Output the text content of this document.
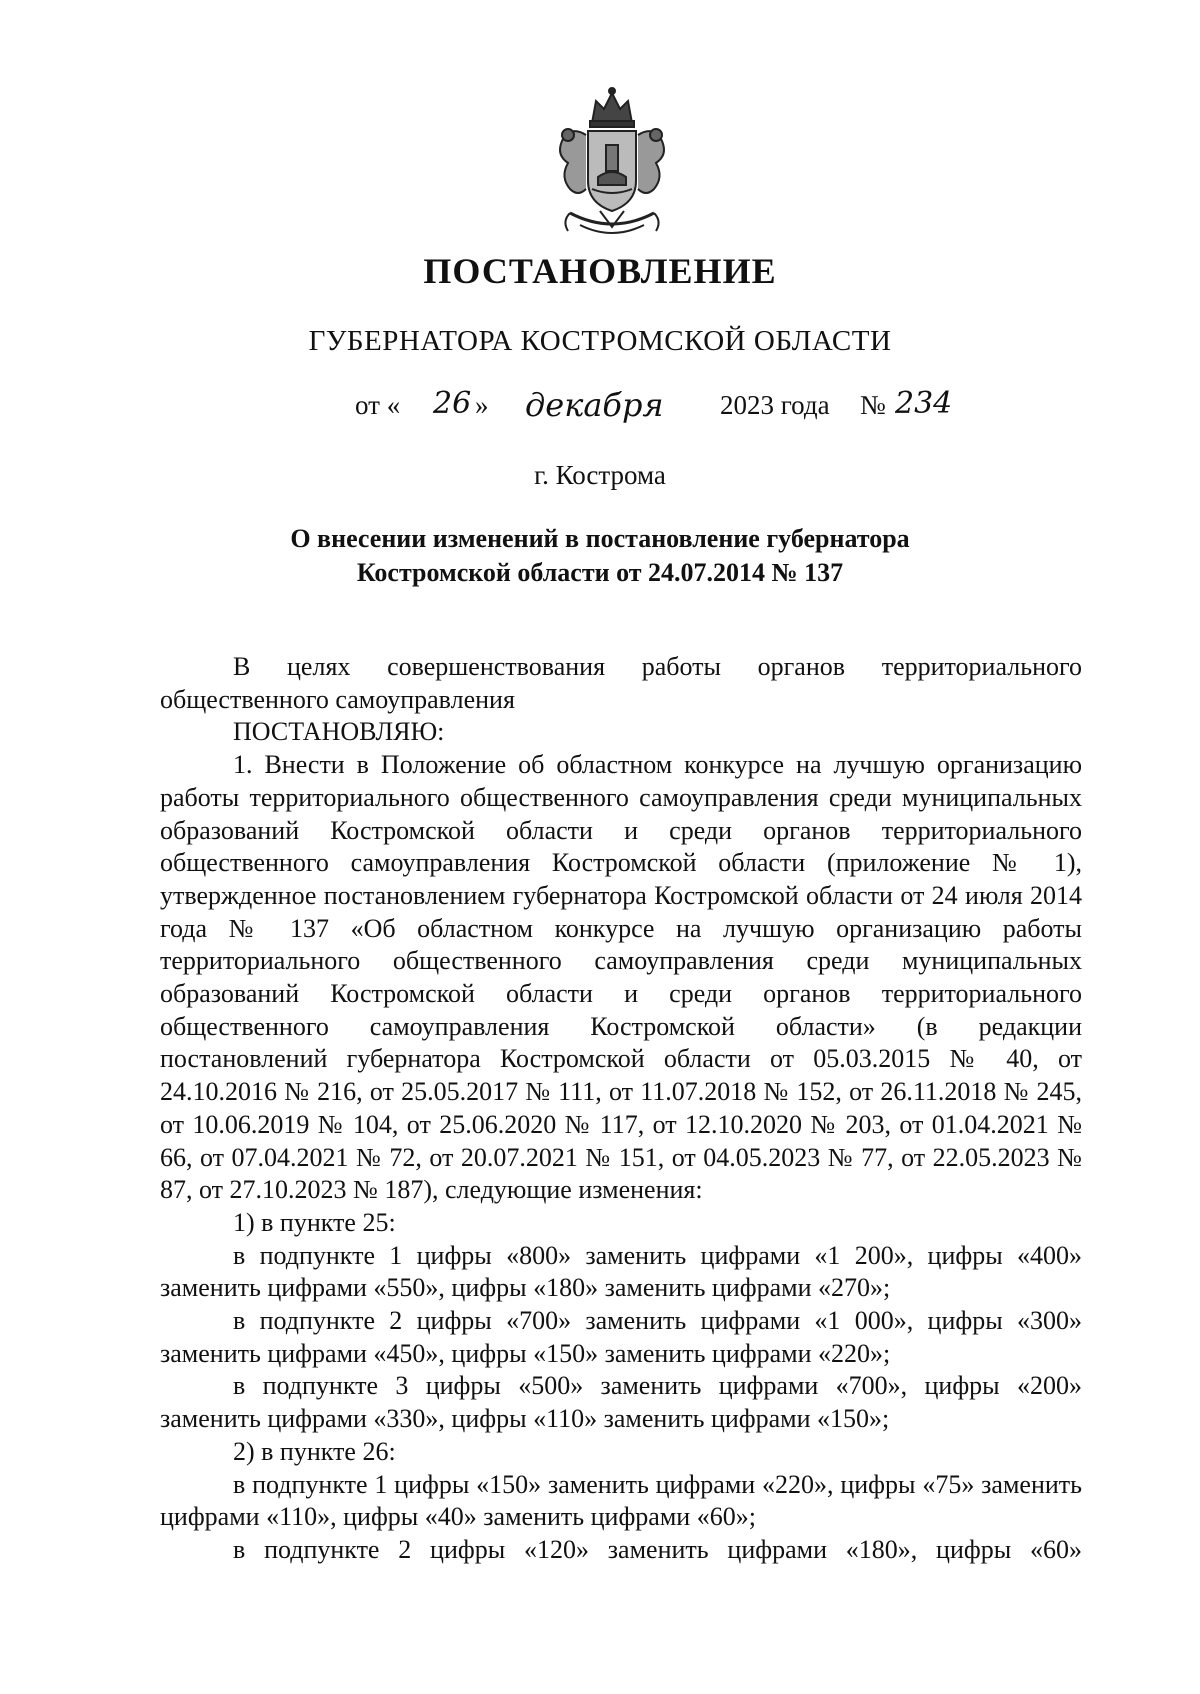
ПОСТАНОВЛЕНИЕ
ГУБЕРНАТОРА КОСТРОМСКОЙ ОБЛАСТИ
от « 26 » декабря 2023 года № 234
г. Кострома
О внесении изменений в постановление губернатора
Костромской области от 24.07.2014 № 137

В целях совершенствования работы органов территориального общественного самоуправления

ПОСТАНОВЛЯЮ:

1. Внести в Положение об областном конкурсе на лучшую организацию работы территориального общественного самоуправления среди муниципальных образований Костромской области и среди органов территориального общественного самоуправления Костромской области (приложение № 1), утвержденное постановлением губернатора Костромской области от 24 июля 2014 года № 137 «Об областном конкурсе на лучшую организацию работы территориального общественного самоуправления среди муниципальных образований Костромской области и среди органов территориального общественного самоуправления Костромской области» (в редакции постановлений губернатора Костромской области от 05.03.2015 № 40, от 24.10.2016 № 216, от 25.05.2017 № 111, от 11.07.2018 № 152, от 26.11.2018 № 245, от 10.06.2019 № 104, от 25.06.2020 № 117, от 12.10.2020 № 203, от 01.04.2021 № 66, от 07.04.2021 № 72, от 20.07.2021 № 151, от 04.05.2023 № 77, от 22.05.2023 № 87, от 27.10.2023 № 187), следующие изменения:

1) в пункте 25:

в подпункте 1 цифры «800» заменить цифрами «1 200», цифры «400» заменить цифрами «550», цифры «180» заменить цифрами «270»;

в подпункте 2 цифры «700» заменить цифрами «1 000», цифры «300» заменить цифрами «450», цифры «150» заменить цифрами «220»;

в подпункте 3 цифры «500» заменить цифрами «700», цифры «200» заменить цифрами «330», цифры «110» заменить цифрами «150»;

2) в пункте 26:

в подпункте 1 цифры «150» заменить цифрами «220», цифры «75» заменить цифрами «110», цифры «40» заменить цифрами «60»;

в подпункте 2 цифры «120» заменить цифрами «180», цифры «60»
